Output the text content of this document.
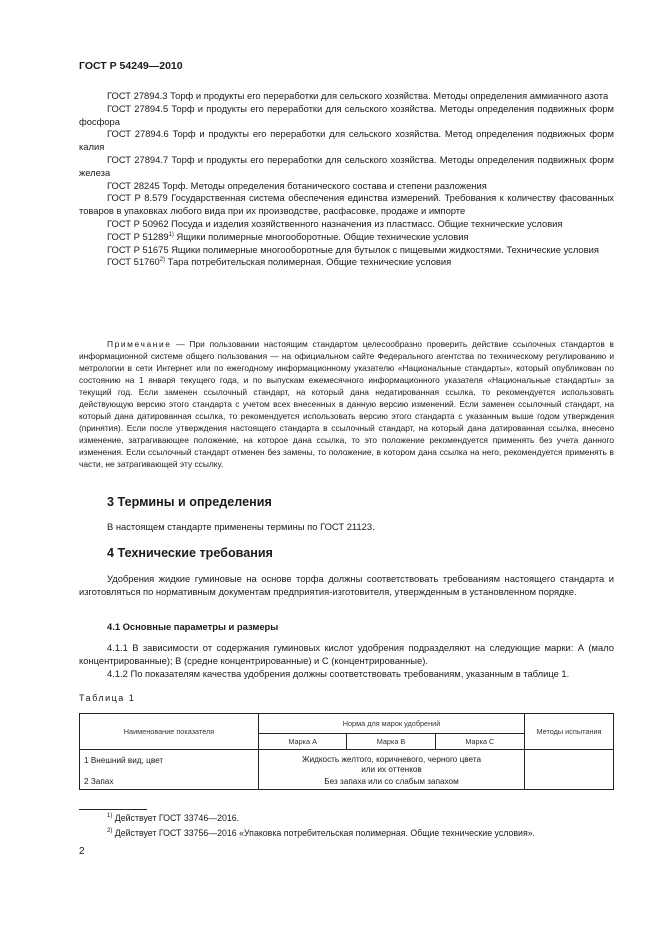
ГОСТ Р 54249—2010

ГОСТ 27894.3 Торф и продукты его переработки для сельского хозяйства. Методы определения аммиачного азота

ГОСТ 27894.5 Торф и продукты его переработки для сельского хозяйства. Методы определения подвижных форм фосфора

ГОСТ 27894.6 Торф и продукты его переработки для сельского хозяйства. Метод определения подвижных форм калия

ГОСТ 27894.7 Торф и продукты его переработки для сельского хозяйства. Методы определения подвижных форм железа

ГОСТ 28245 Торф. Методы определения ботанического состава и степени разложения

ГОСТ Р 8.579 Государственная система обеспечения единства измерений. Требования к количеству фасованных товаров в упаковках любого вида при их производстве, расфасовке, продаже и импорте

ГОСТ Р 50962 Посуда и изделия хозяйственного назначения из пластмасс. Общие технические условия

ГОСТ Р 51289$^{1)}$ Ящики полимерные многооборотные. Общие технические условия

ГОСТ Р 51675 Ящики полимерные многооборотные для бутылок с пищевыми жидкостями. Технические условия

ГОСТ 51760$^{2)}$ Тара потребительская полимерная. Общие технические условия

Примечание — При пользовании настоящим стандартом целесообразно проверить действие ссылочных стандартов в информационной системе общего пользования — на официальном сайте Федерального агентства по техническому регулированию и метрологии в сети Интернет или по ежегодному информационному указателю «Национальные стандарты», который опубликован по состоянию на 1 января текущего года, и по выпускам ежемесячного информационного указателя «Национальные стандарты» за текущий год. Если заменен ссылочный стандарт, на который дана недатированная ссылка, то рекомендуется использовать действующую версию этого стандарта с учетом всех внесенных в данную версию изменений. Если заменен ссылочный стандарт, на который дана датированная ссылка, то рекомендуется использовать версию этого стандарта с указанным выше годом утверждения (принятия). Если после утверждения настоящего стандарта в ссылочный стандарт, на который дана датированная ссылка, внесено изменение, затрагивающее положение, на которое дана ссылка, то это положение рекомендуется применять без учета данного изменения. Если ссылочный стандарт отменен без замены, то положение, в котором дана ссылка на него, рекомендуется применять в части, не затрагивающей эту ссылку.

3 Термины и определения

В настоящем стандарте применены термины по ГОСТ 21123.

4 Технические требования

Удобрения жидкие гуминовые на основе торфа должны соответствовать требованиям настоящего стандарта и изготовляться по нормативным документам предприятия-изготовителя, утвержденным в установленном порядке.

4.1 Основные параметры и размеры

4.1.1 В зависимости от содержания гуминовых кислот удобрения подразделяют на следующие марки: А (мало концентрированные); В (средне концентрированные) и С (концентрированные).

4.1.2 По показателям качества удобрения должны соответствовать требованиям, указанным в таблице 1.

Таблица 1
Наименование показателя	Норма для марок удобрений			Методы испытания
	Марка А	Марка В	Марка С	
1 Внешний вид, цвет	Жидкость желтого, коричневого, черного цвета или их оттенков			
2 Запах	Без запаха или со слабым запахом			
$^{1)}$ Действует ГОСТ 33746—2016.
$^{2)}$ Действует ГОСТ 33756—2016 «Упаковка потребительская полимерная. Общие технические условия».
2
